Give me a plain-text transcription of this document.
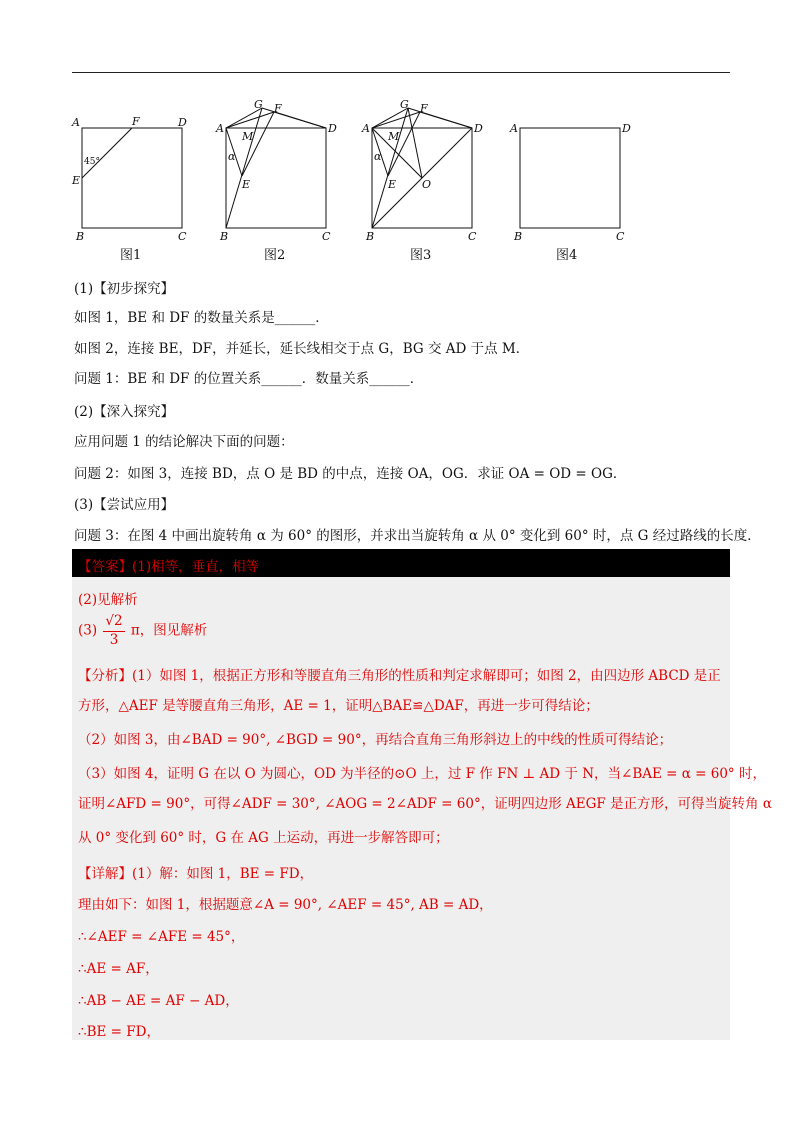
A	F	D
E
45°
B	C
A
G F
M
D
α
E
B	C
A
G F
M
D
α
E O
B	C
A	D
B	C
图1	图2	图3	图4
(1)【初步探究】
如图 1，BE 和 DF 的数量关系是______．
如图 2，连接 BE，DF，并延长，延长线相交于点 G，BG 交 AD 于点 M．
问题 1：BE 和 DF 的位置关系______．数量关系______．
(2)【深入探究】
应用问题 1 的结论解决下面的问题：
问题 2：如图 3，连接 BD，点 O 是 BD 的中点，连接 OA，OG．求证 OA = OD = OG．
(3)【尝试应用】
问题 3：在图 4 中画出旋转角 α 为 60° 的图形，并求出当旋转角 α 从 0° 变化到 60° 时，点 G 经过路线的长度．
【答案】(1)相等，垂直，相等
(2)见解析
$(3) \frac{√2}{3}$ π，图见解析
【分析】(1）如图 1，根据正方形和等腰直角三角形的性质和判定求解即可；如图 2，由四边形 ABCD 是正
方形，△AEF 是等腰直角三角形，AE = 1，证明△BAE≌△DAF，再进一步可得结论；
（2）如图 3，由∠BAD = 90°, ∠BGD = 90°，再结合直角三角形斜边上的中线的性质可得结论；
（3）如图 4，证明 G 在以 O 为圆心，OD 为半径的⊙O 上，过 F 作 FN ⊥ AD 于 N，当∠BAE = α = 60° 时，
证明∠AFD = 90°，可得∠ADF = 30°, ∠AOG = 2∠ADF = 60°，证明四边形 AEGF 是正方形，可得当旋转角 α
从 0° 变化到 60° 时，G 在 AG 上运动，再进一步解答即可；
【详解】(1）解：如图 1，BE = FD，
理由如下：如图 1，根据题意∠A = 90°, ∠AEF = 45°, AB = AD，
∴∠AEF = ∠AFE = 45°，
∴AE = AF，
∴AB − AE = AF − AD，
∴BE = FD，
